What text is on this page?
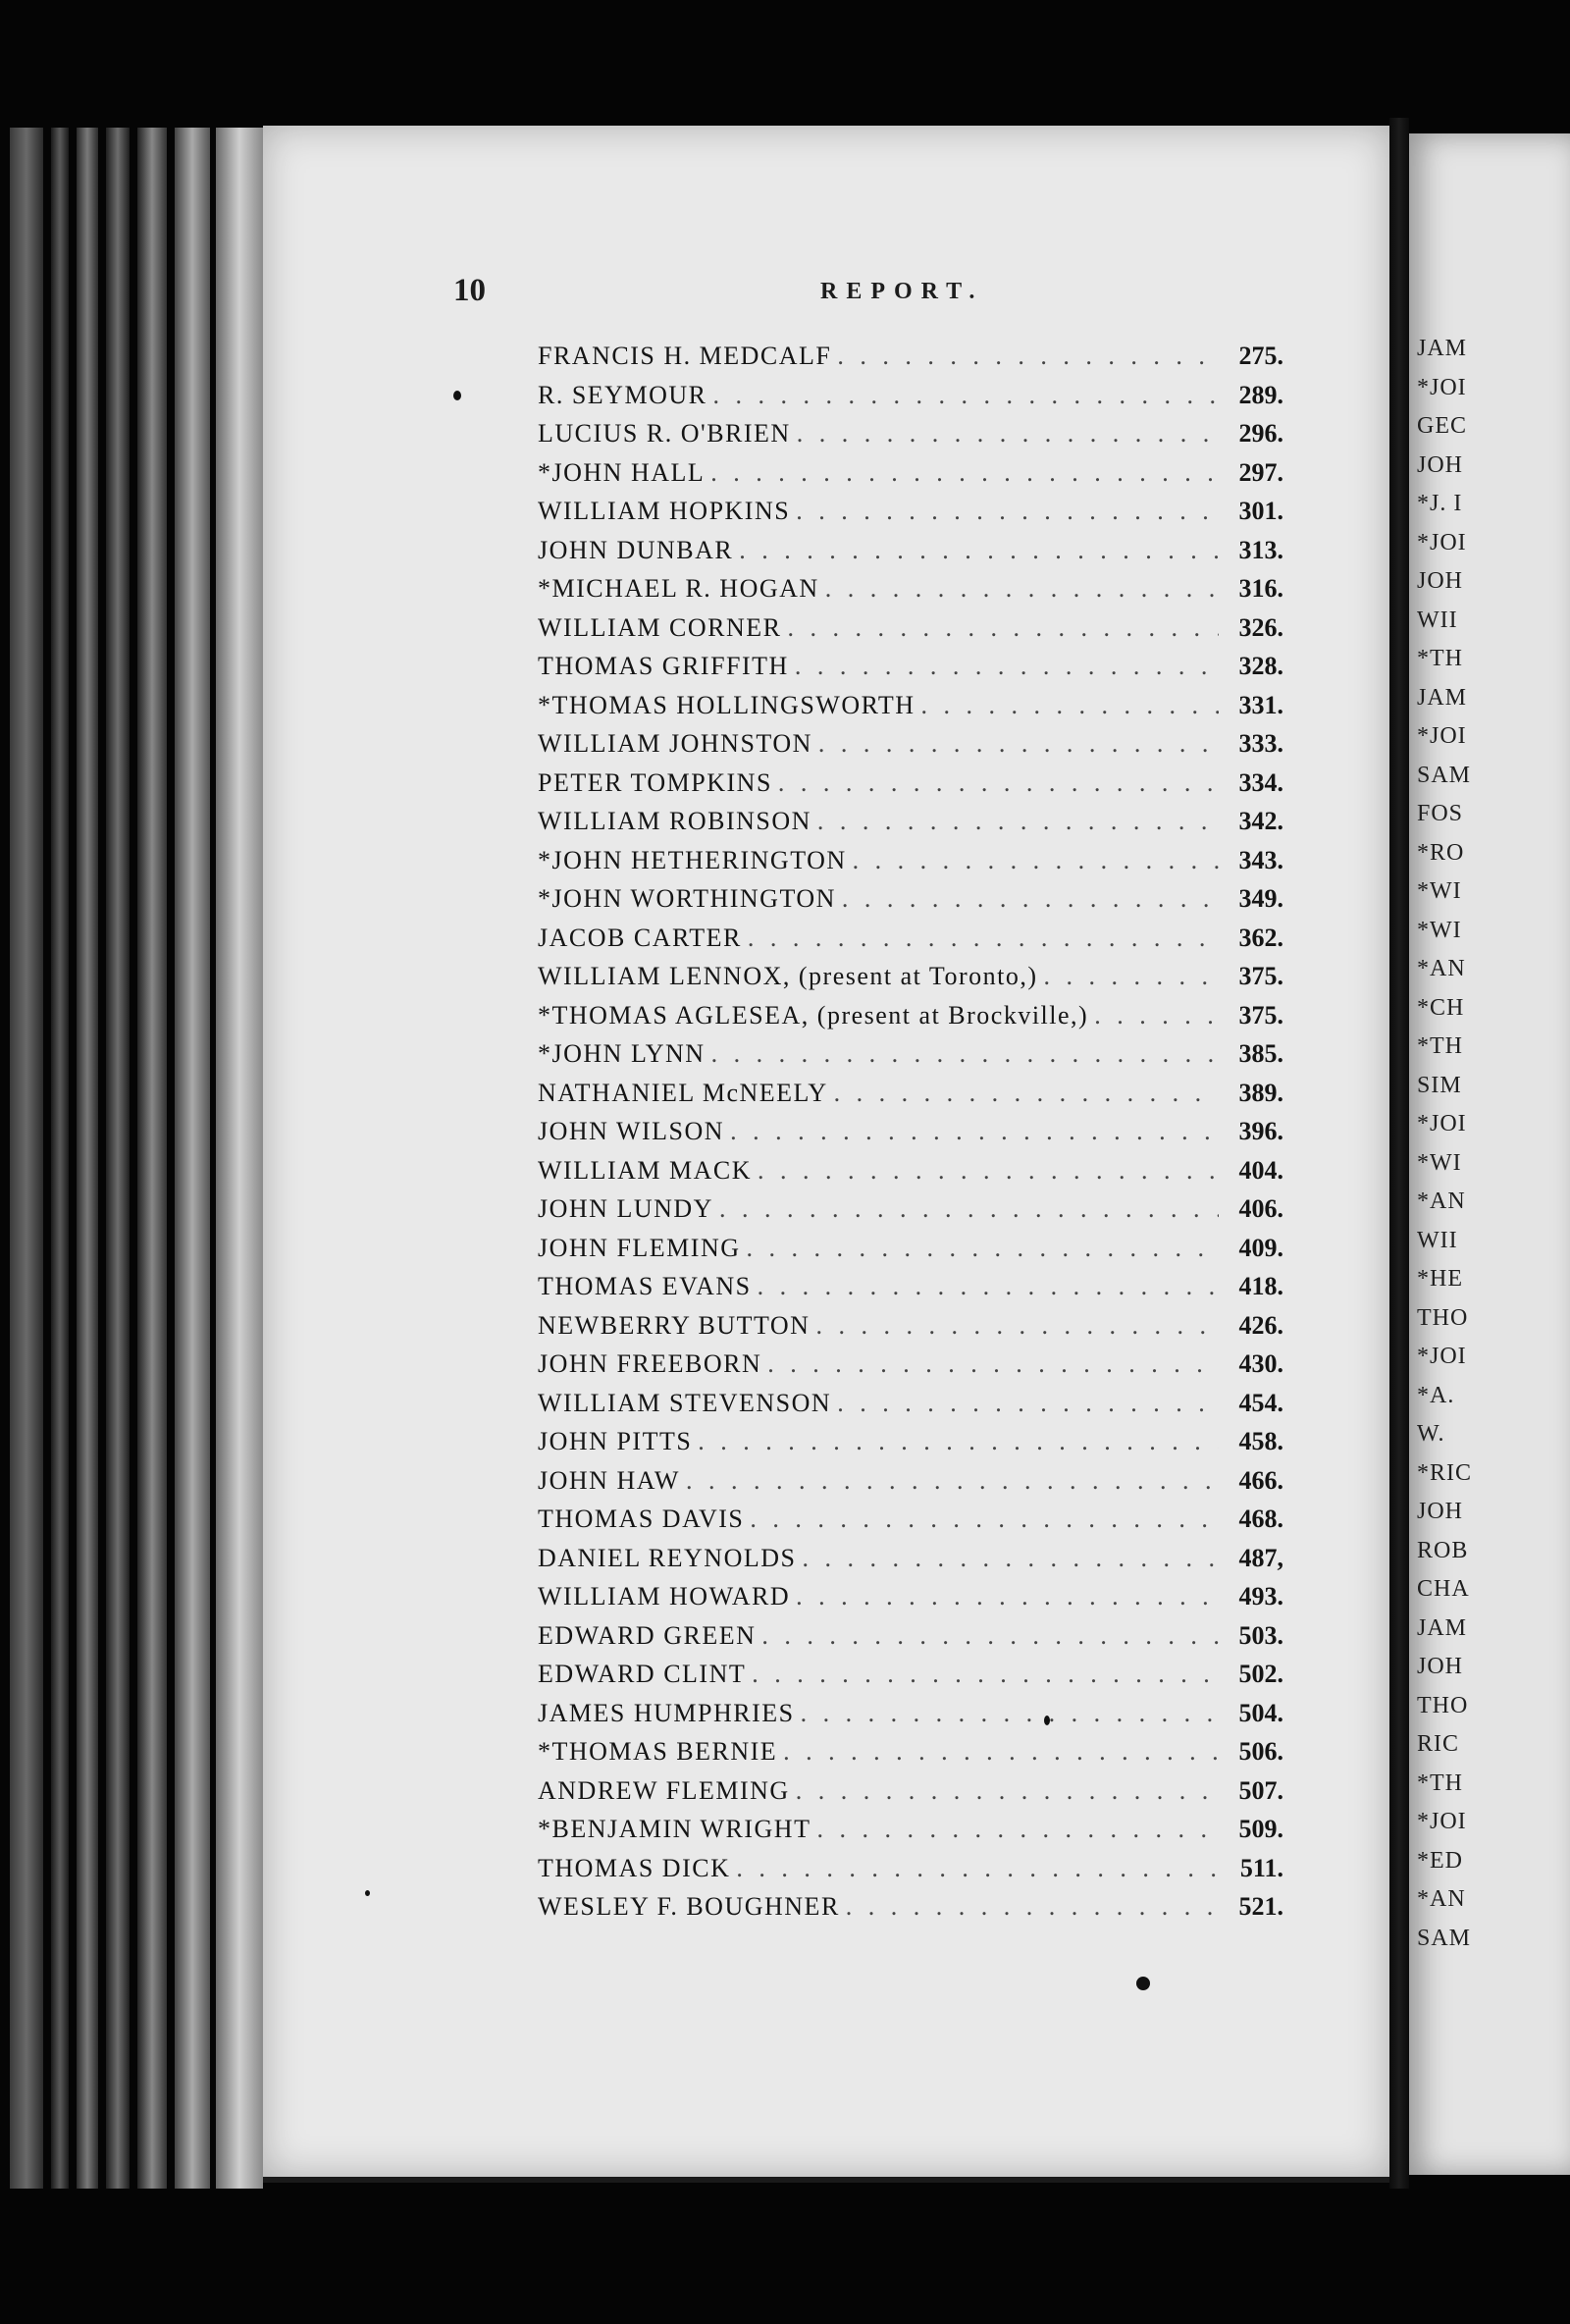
10	REPORT.
FRANCIS H. MEDCALF . . .	275.
R. SEYMOUR . . .	289.
LUCIUS R. O'BRIEN . . .	296.
*JOHN HALL . . .	297.
WILLIAM HOPKINS . . .	301.
JOHN DUNBAR . . .	313.
*MICHAEL R. HOGAN . . .	316.
WILLIAM CORNER . . .	326.
THOMAS GRIFFITH . . .	328.
*THOMAS HOLLINGSWORTH . . .	331.
WILLIAM JOHNSTON . . .	333.
PETER TOMPKINS . . .	334.
WILLIAM ROBINSON . . .	342.
*JOHN HETHERINGTON . . .	343.
*JOHN WORTHINGTON . . .	349.
JACOB CARTER . . .	362.
WILLIAM LENNOX, (present at Toronto,) . . .	375.
*THOMAS AGLESEA, (present at Brockville,) . . .	375.
*JOHN LYNN . . .	385.
NATHANIEL McNEELY . . .	389.
JOHN WILSON . . .	396.
WILLIAM MACK . . .	404.
JOHN LUNDY . . .	406.
JOHN FLEMING . . .	409.
THOMAS EVANS . . .	418.
NEWBERRY BUTTON . . .	426.
JOHN FREEBORN . . .	430.
WILLIAM STEVENSON . . .	454.
JOHN PITTS . . .	458.
JOHN HAW . . .	466.
THOMAS DAVIS . . .	468.
DANIEL REYNOLDS . . .	487,
WILLIAM HOWARD . . .	493.
EDWARD GREEN . . .	503.
EDWARD CLINT . . .	502.
JAMES HUMPHRIES . . .	504.
*THOMAS BERNIE . . .	506.
ANDREW FLEMING . . .	507.
*BENJAMIN WRIGHT . . .	509.
THOMAS DICK . . .	511.
WESLEY F. BOUGHNER . . .	521.
JAM
*JOI
GEC
JOH
*J. I
*JOI
JOH
WII
*TH
JAM
*JOI
SAM
FOS
*RO
*WI
*WI
*AN
*CH
*TH
SIM
*JOI
*WI
*AN
WII
*HE
THO
*JOI
*A.
W.
*RIC
JOH
ROB
CHA
JAM
JOH
THO
RIC
*TH
*JOI
*ED
*AN
SAM
